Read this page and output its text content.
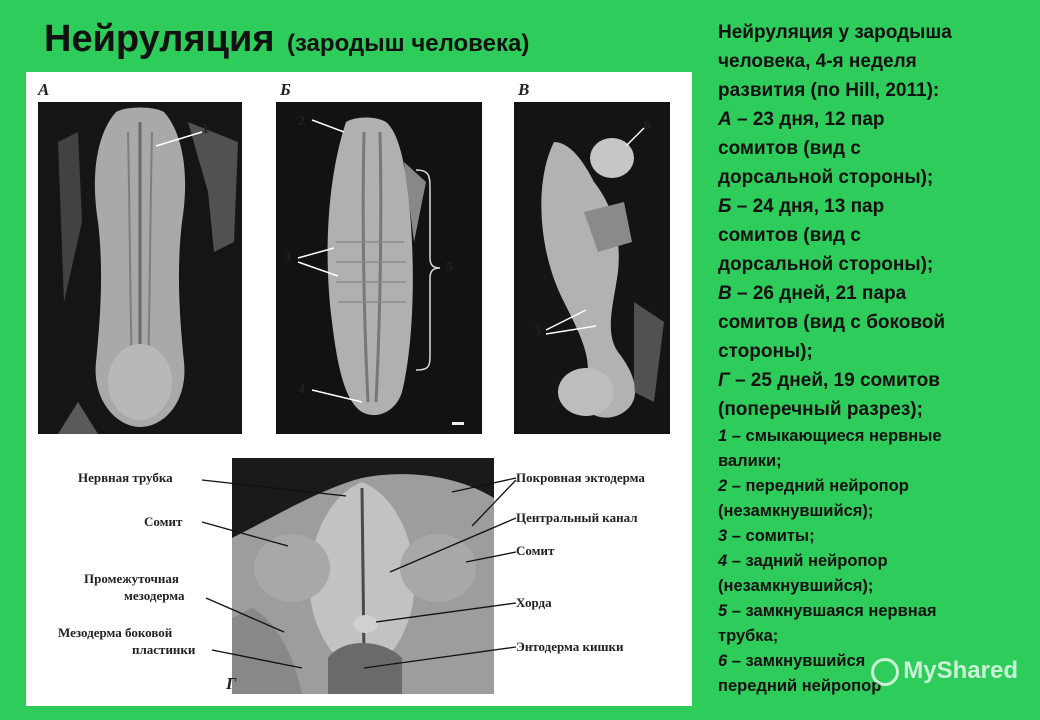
Нейруляция (зародыш человека)
А
1
Б
2
3
5
4
В
6
3
Г
Нервная трубка
Сомит
Промежуточная
мезодерма
Мезодерма боковой
пластинки
Покровная эктодерма
Центральный канал
Сомит
Хорда
Энтодерма кишки
Нейруляция у зародыша
человека, 4-я неделя
развития (по Hill, 2011):
А – 23 дня, 12 пар
сомитов (вид с
дорсальной стороны);
Б – 24 дня, 13 пар
сомитов (вид с
дорсальной стороны);
В – 26 дней, 21 пара
сомитов (вид с боковой
стороны);
Г – 25 дней, 19 сомитов
(поперечный разрез);
1 – смыкающиеся нервные
валики;
2 – передний нейропор
(незамкнувшийся);
3 – сомиты;
4 – задний нейропор
(незамкнувшийся);
5 – замкнувшаяся нервная
трубка;
6 – замкнувшийся
передний нейропор
MyShared
